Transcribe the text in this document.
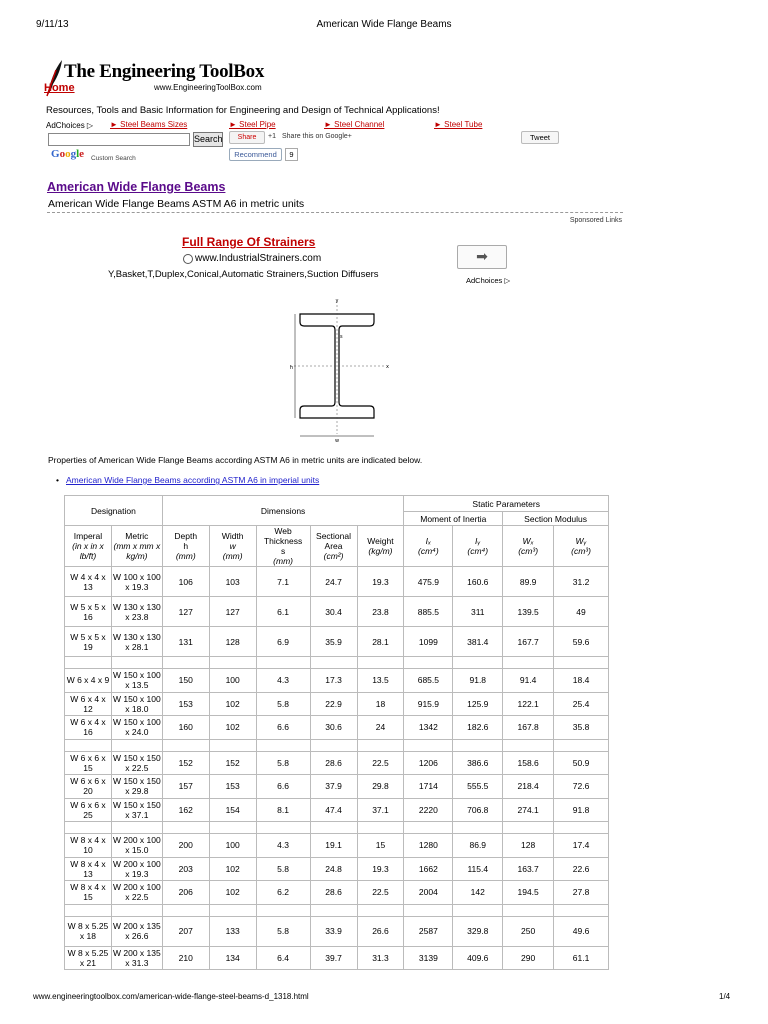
9/11/13	American Wide Flange Beams
The Engineering ToolBox
www.EngineeringToolBox.com
Home
Resources, Tools and Basic Information for Engineering and Design of Technical Applications!
AdChoices ▷ ► Steel Beams Sizes	► Steel Pipe	► Steel Channel	► Steel Tube
Search
Google Custom Search
Share	+1 Share this on Google+	Tweet
Recommend	9
American Wide Flange Beams
American Wide Flange Beams ASTM A6 in metric units
Sponsored Links
Full Range Of Strainers
www.IndustrialStrainers.com
Y,Basket,T,Duplex,Conical,Automatic Strainers,Suction Diffusers
➡
AdChoices ▷
y
x
h
w
s
Properties of American Wide Flange Beams according ASTM A6 in metric units are indicated below.
• American Wide Flange Beams according ASTM A6 in imperial units
Designation		Dimensions					Static Parameters			
							Moment of Inertia		Section Modulus	
Imperal
(in x in x lb/ft)	Metric
(mm x mm x kg/m)	Depth
h
(mm)	Width
w
(mm)	Web Thickness
s
(mm)	Sectional Area
(cm²)	Weight
(kg/m)	Iₓ
(cm⁴)	Iᵧ
(cm⁴)	Wₓ
(cm³)	Wᵧ
(cm³)
W 4 x 4 x 13	W 100 x 100 x 19.3	106	103	7.1	24.7	19.3	475.9	160.6	89.9	31.2
W 5 x 5 x 16	W 130 x 130 x 23.8	127	127	6.1	30.4	23.8	885.5	311	139.5	49
W 5 x 5 x 19	W 130 x 130 x 28.1	131	128	6.9	35.9	28.1	1099	381.4	167.7	59.6

W 6 x 4 x 9	W 150 x 100 x 13.5	150	100	4.3	17.3	13.5	685.5	91.8	91.4	18.4
W 6 x 4 x 12	W 150 x 100 x 18.0	153	102	5.8	22.9	18	915.9	125.9	122.1	25.4
W 6 x 4 x 16	W 150 x 100 x 24.0	160	102	6.6	30.6	24	1342	182.6	167.8	35.8

W 6 x 6 x 15	W 150 x 150 x 22.5	152	152	5.8	28.6	22.5	1206	386.6	158.6	50.9
W 6 x 6 x 20	W 150 x 150 x 29.8	157	153	6.6	37.9	29.8	1714	555.5	218.4	72.6
W 6 x 6 x 25	W 150 x 150 x 37.1	162	154	8.1	47.4	37.1	2220	706.8	274.1	91.8

W 8 x 4 x 10	W 200 x 100 x 15.0	200	100	4.3	19.1	15	1280	86.9	128	17.4
W 8 x 4 x 13	W 200 x 100 x 19.3	203	102	5.8	24.8	19.3	1662	115.4	163.7	22.6
W 8 x 4 x 15	W 200 x 100 x 22.5	206	102	6.2	28.6	22.5	2004	142	194.5	27.8

W 8 x 5.25 x 18	W 200 x 135 x 26.6	207	133	5.8	33.9	26.6	2587	329.8	250	49.6
W 8 x 5.25 x 21	W 200 x 135 x 31.3	210	134	6.4	39.7	31.3	3139	409.6	290	61.1
www.engineeringtoolbox.com/american-wide-flange-steel-beams-d_1318.html	1/4
